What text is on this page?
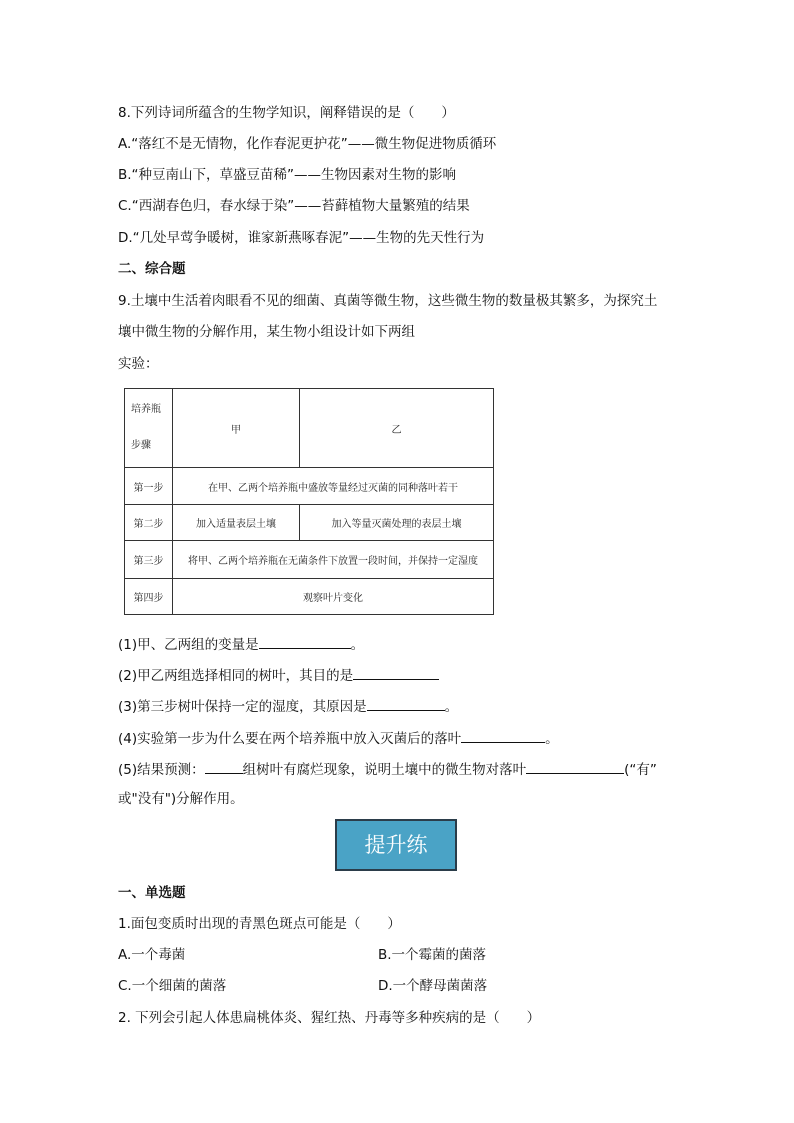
8.下列诗词所蕴含的生物学知识，阐释错误的是（　　）
A.“落红不是无情物，化作春泥更护花”——微生物促进物质循环
B.“种豆南山下，草盛豆苗稀”——生物因素对生物的影响
C.“西湖春色归，春水绿于染”——苔藓植物大量繁殖的结果
D.“几处早莺争暖树，谁家新燕啄春泥”——生物的先天性行为
二、综合题
9.土壤中生活着肉眼看不见的细菌、真菌等微生物，这些微生物的数量极其繁多，为探究土
壤中微生物的分解作用，某生物小组设计如下两组
实验：
培养瓶
步骤	甲	乙
第一步	在甲、乙两个培养瓶中盛放等量经过灭菌的同种落叶若干	
第二步	加入适量表层土壤	加入等量灭菌处理的表层土壤
第三步	将甲、乙两个培养瓶在无菌条件下放置一段时间，并保持一定湿度	
第四步	观察叶片变化	
(1)甲、乙两组的变量是	。
(2)甲乙两组选择相同的树叶，其目的是
(3)第三步树叶保持一定的湿度，其原因是	。
(4)实验第一步为什么要在两个培养瓶中放入灭菌后的落叶	。
(5)结果预测：	组树叶有腐烂现象，说明土壤中的微生物对落叶	(“有”
或"没有")分解作用。
提升练
一、单选题
1.面包变质时出现的青黑色斑点可能是（　　）
A.一个毒菌	B.一个霉菌的菌落
C.一个细菌的菌落	D.一个酵母菌菌落
2. 下列会引起人体患扁桃体炎、猩红热、丹毒等多种疾病的是（　　）
